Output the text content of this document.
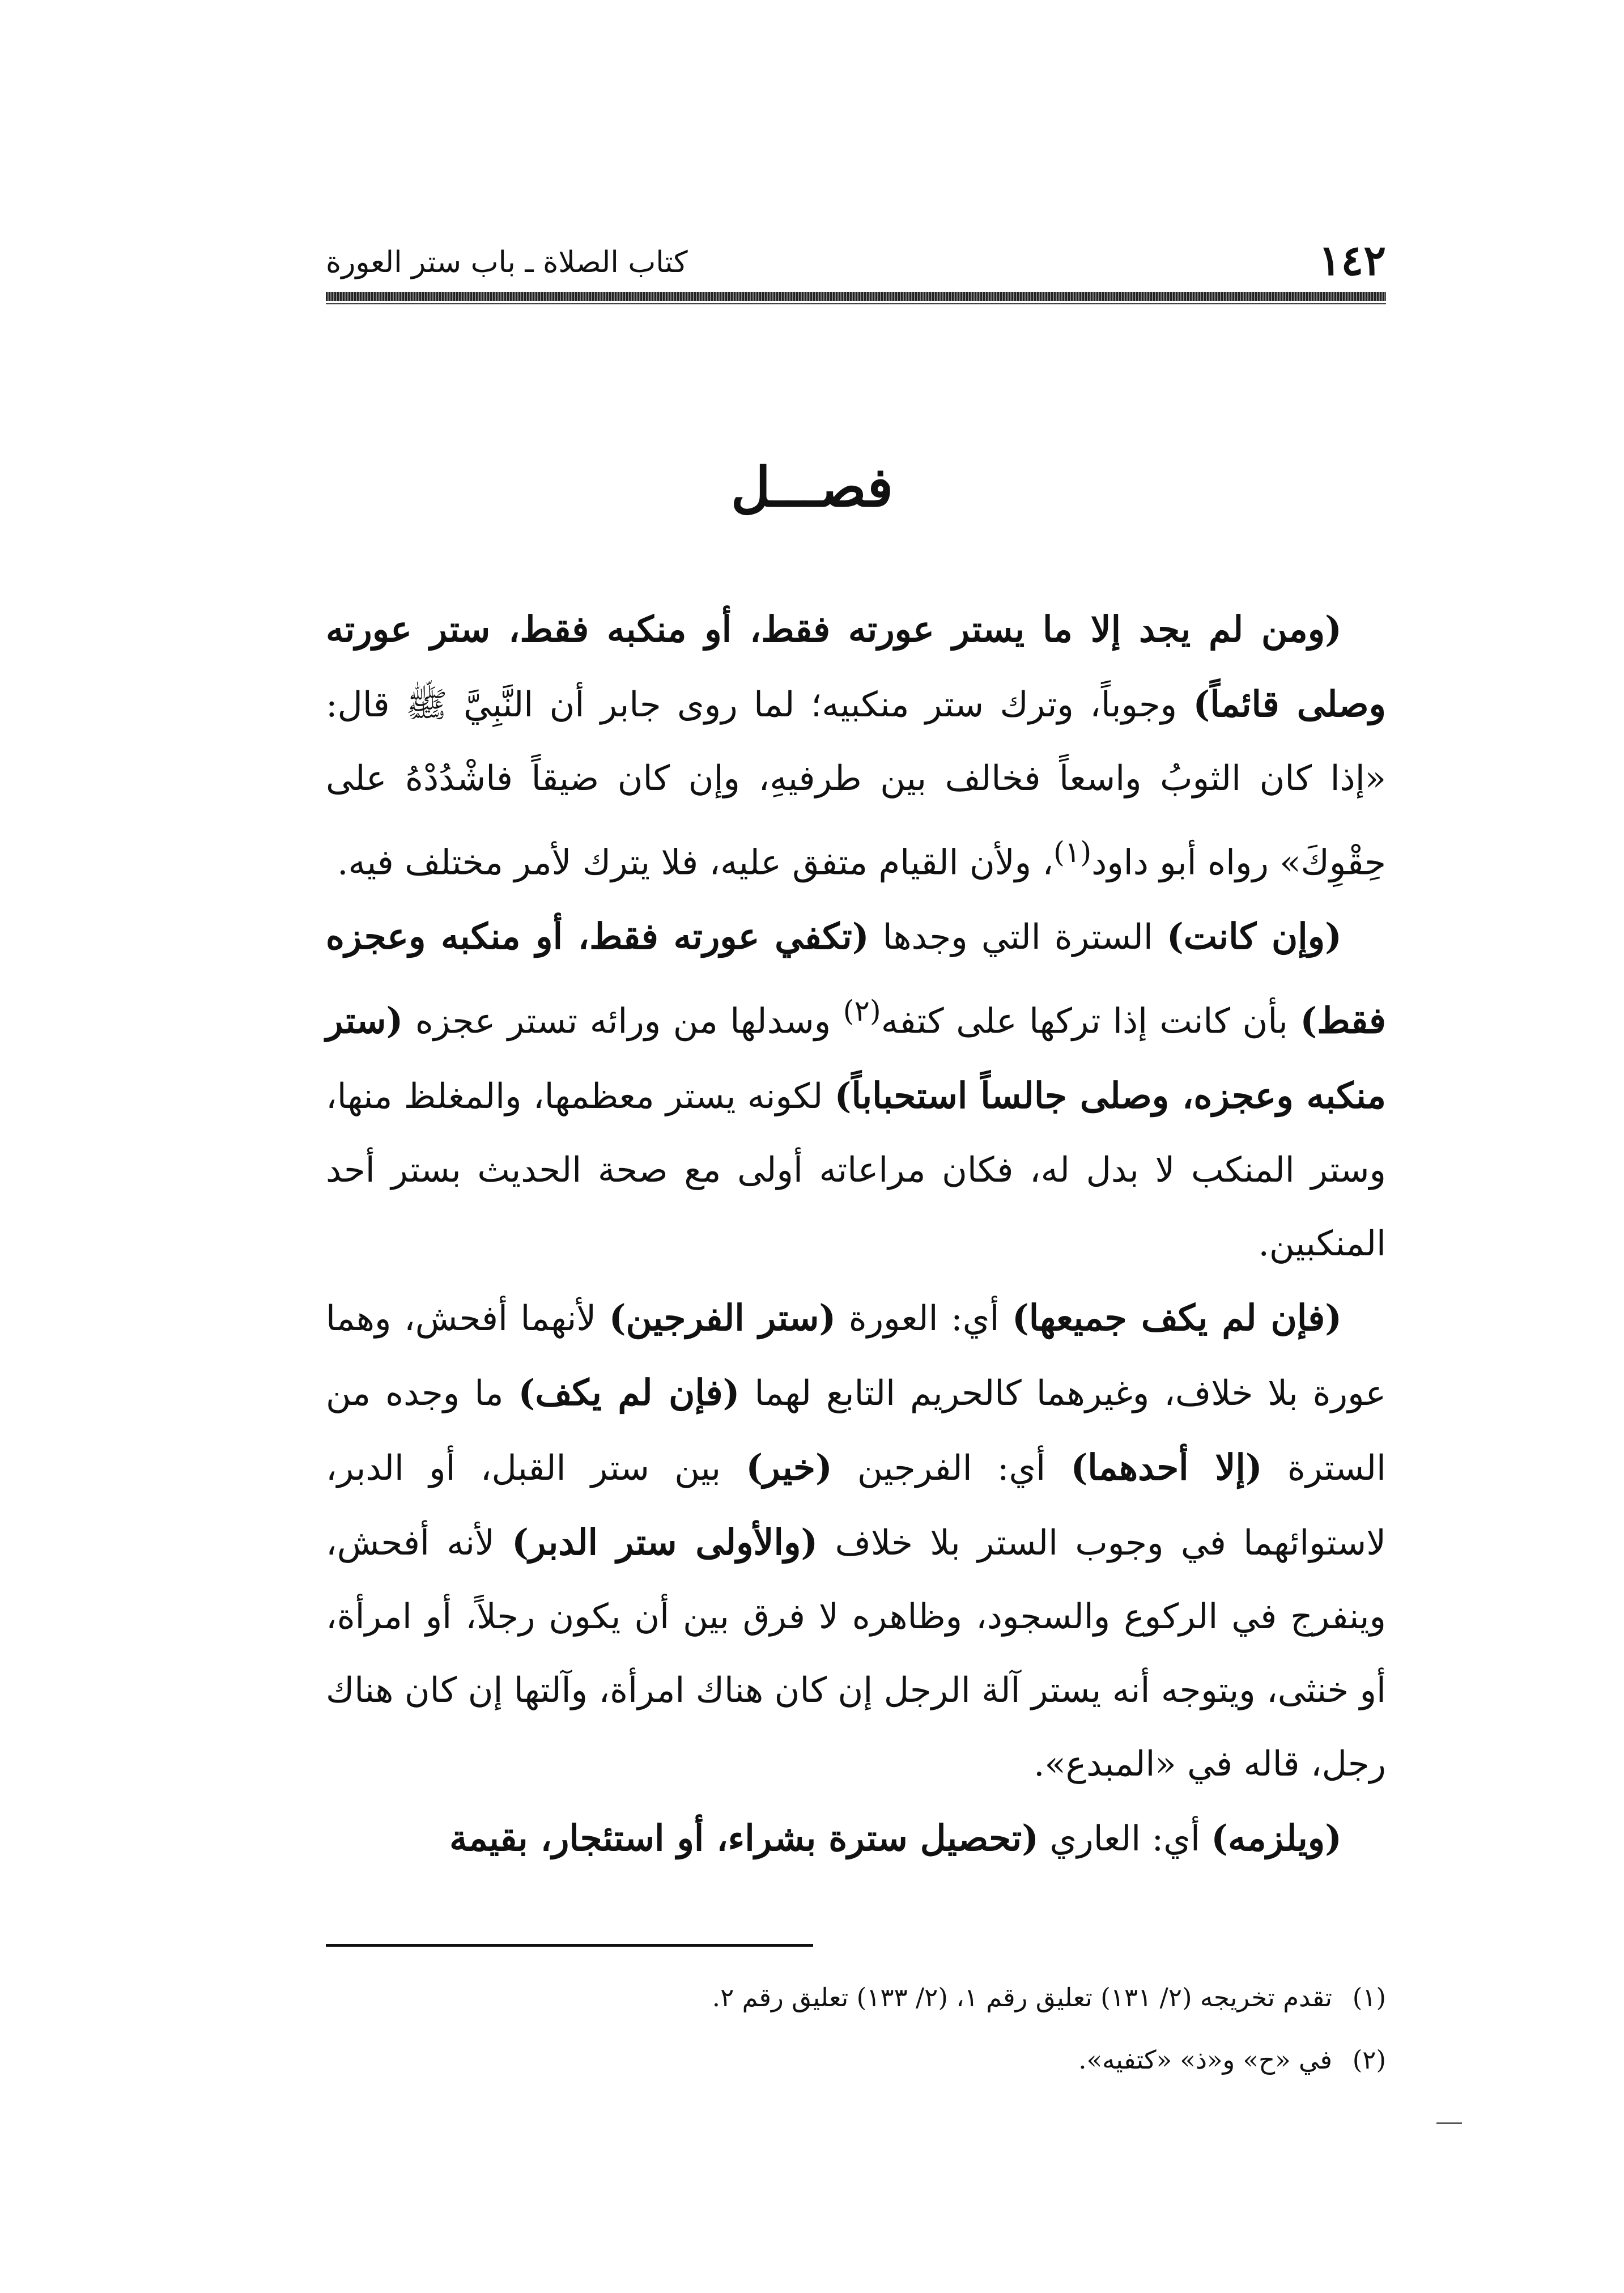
١٤٢
كتاب الصلاة ـ باب ستر العورة
فصـــل

(ومن لم يجد إلا ما يستر عورته فقط، أو منكبه فقط، ستر عورته وصلى قائماً) وجوباً، وترك ستر منكبيه؛ لما روى جابر أن النَّبِيَّ ﷺ قال: «إذا كان الثوبُ واسعاً فخالف بين طرفيهِ، وإن كان ضيقاً فاشْدُدْهُ على حِقْوِكَ» رواه أبو داود$^{(١)}$، ولأن القيام متفق عليه، فلا يترك لأمر مختلف فيه.

(وإن كانت) السترة التي وجدها (تكفي عورته فقط، أو منكبه وعجزه فقط) بأن كانت إذا تركها على كتفه$^{(٢)}$ وسدلها من ورائه تستر عجزه (ستر منكبه وعجزه، وصلى جالساً استحباباً) لكونه يستر معظمها، والمغلظ منها، وستر المنكب لا بدل له، فكان مراعاته أولى مع صحة الحديث بستر أحد المنكبين.

(فإن لم يكف جميعها) أي: العورة (ستر الفرجين) لأنهما أفحش، وهما عورة بلا خلاف، وغيرهما كالحريم التابع لهما (فإن لم يكف) ما وجده من السترة (إلا أحدهما) أي: الفرجين (خير) بين ستر القبل، أو الدبر، لاستوائهما في وجوب الستر بلا خلاف (والأولى ستر الدبر) لأنه أفحش، وينفرج في الركوع والسجود، وظاهره لا فرق بين أن يكون رجلاً، أو امرأة، أو خنثى، ويتوجه أنه يستر آلة الرجل إن كان هناك امرأة، وآلتها إن كان هناك رجل، قاله في «المبدع».

(ويلزمه) أي: العاري (تحصيل سترة بشراء، أو استئجار، بقيمة

(١)تقدم تخريجه (٢/ ١٣١) تعليق رقم ١، (٢/ ١٣٣) تعليق رقم ٢.

(٢)في «ح» و«ذ» «كتفيه».
